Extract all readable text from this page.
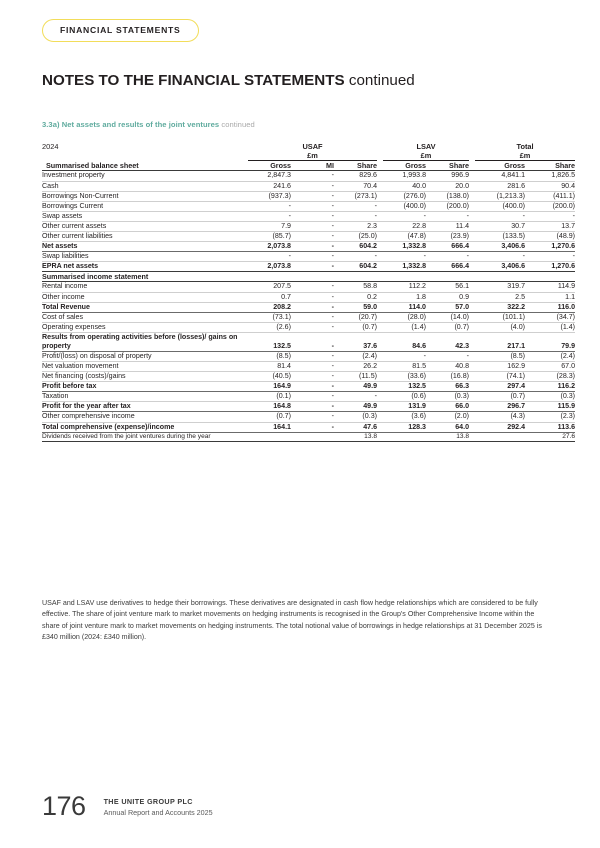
FINANCIAL STATEMENTS
NOTES TO THE FINANCIAL STATEMENTS continued
3.3a) Net assets and results of the joint ventures continued
2024	USAF				LSAV			Total	
	£m				£m			£m	
Summarised balance sheet	Gross	MI	Share		Gross	Share		Gross	Share
Investment property	2,847.3	-	829.6		1,993.8	996.9		4,841.1	1,826.5
Cash	241.6	-	70.4		40.0	20.0		281.6	90.4
Borrowings Non-Current	(937.3)	-	(273.1)		(276.0)	(138.0)		(1,213.3)	(411.1)
Borrowings Current	-	-	-		(400.0)	(200.0)		(400.0)	(200.0)
Swap assets	-	-	-		-	-		-	-
Other current assets	7.9	-	2.3		22.8	11.4		30.7	13.7
Other current liabilities	(85.7)	-	(25.0)		(47.8)	(23.9)		(133.5)	(48.9)
Net assets	2,073.8	-	604.2		1,332.8	666.4		3,406.6	1,270.6
Swap liabilities	-	-	-		-	-		-	-
EPRA net assets	2,073.8	-	604.2		1,332.8	666.4		3,406.6	1,270.6
Summarised income statement									
Rental income	207.5	-	58.8		112.2	56.1		319.7	114.9
Other income	0.7	-	0.2		1.8	0.9		2.5	1.1
Total Revenue	208.2	-	59.0		114.0	57.0		322.2	116.0
Cost of sales	(73.1)	-	(20.7)		(28.0)	(14.0)		(101.1)	(34.7)
Operating expenses	(2.6)	-	(0.7)		(1.4)	(0.7)		(4.0)	(1.4)
Results from operating activities before (losses)/ gains on property	132.5	-	37.6		84.6	42.3		217.1	79.9
Profit/(loss) on disposal of property	(8.5)	-	(2.4)		-	-		(8.5)	(2.4)
Net valuation movement	81.4	-	26.2		81.5	40.8		162.9	67.0
Net financing (costs)/gains	(40.5)	-	(11.5)		(33.6)	(16.8)		(74.1)	(28.3)
Profit before tax	164.9	-	49.9		132.5	66.3		297.4	116.2
Taxation	(0.1)	-	-		(0.6)	(0.3)		(0.7)	(0.3)
Profit for the year after tax	164.8	-	49.9		131.9	66.0		296.7	115.9
Other comprehensive income	(0.7)	-	(0.3)		(3.6)	(2.0)		(4.3)	(2.3)
Total comprehensive (expense)/income	164.1	-	47.6		128.3	64.0		292.4	113.6
Dividends received from the joint ventures during the year			13.8			13.8			27.6
USAF and LSAV use derivatives to hedge their borrowings. These derivatives are designated in cash flow hedge relationships which are considered to be fully effective. The share of joint venture mark to market movements on hedging instruments is recognised in the Group's Other Comprehensive Income within the share of joint venture mark to market movements on hedging instruments. The total notional value of borrowings in hedge relationships at 31 December 2025 is £340 million (2024: £340 million).
176	THE UNITE GROUP PLC
Annual Report and Accounts 2025
